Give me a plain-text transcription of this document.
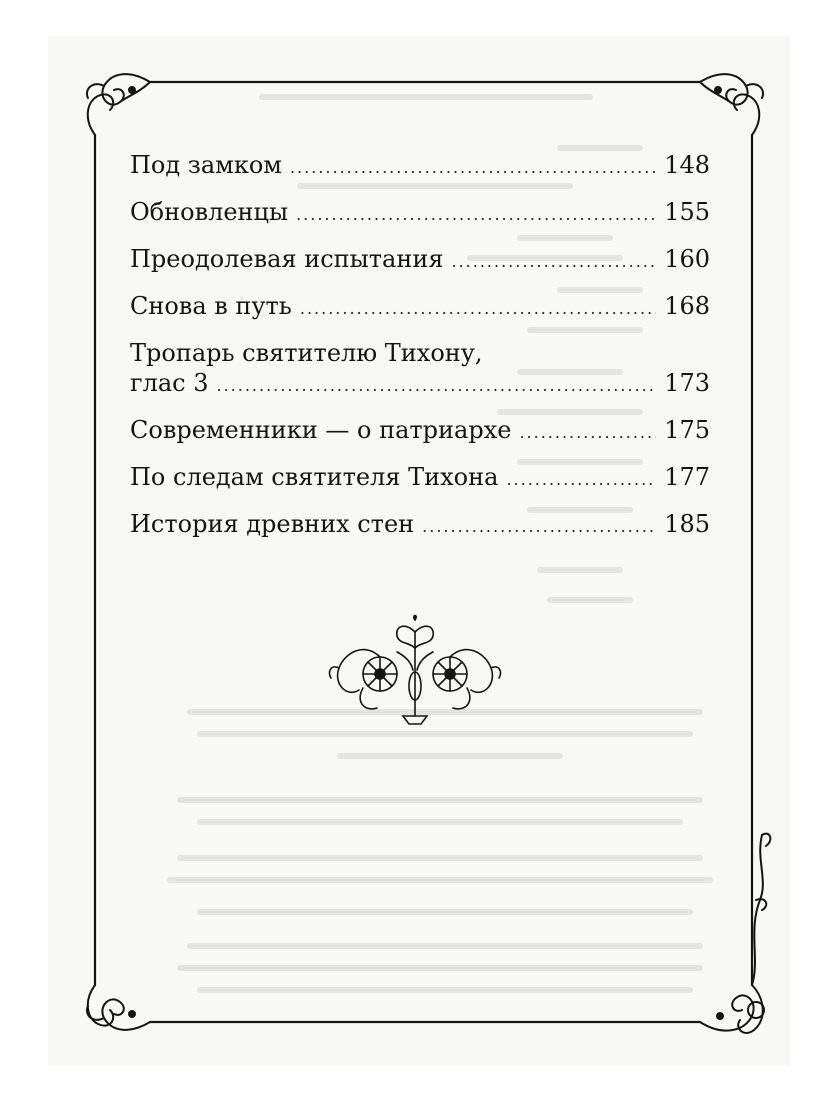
Под замком .....	148
Обновленцы .....	155
Преодолевая испытания .....	160
Снова в путь .....	168
Тропарь святителю Тихону,
глас 3 .....	173
Современники — о патриархе .....	175
По следам святителя Тихона .....	177
История древних стен .....	185
